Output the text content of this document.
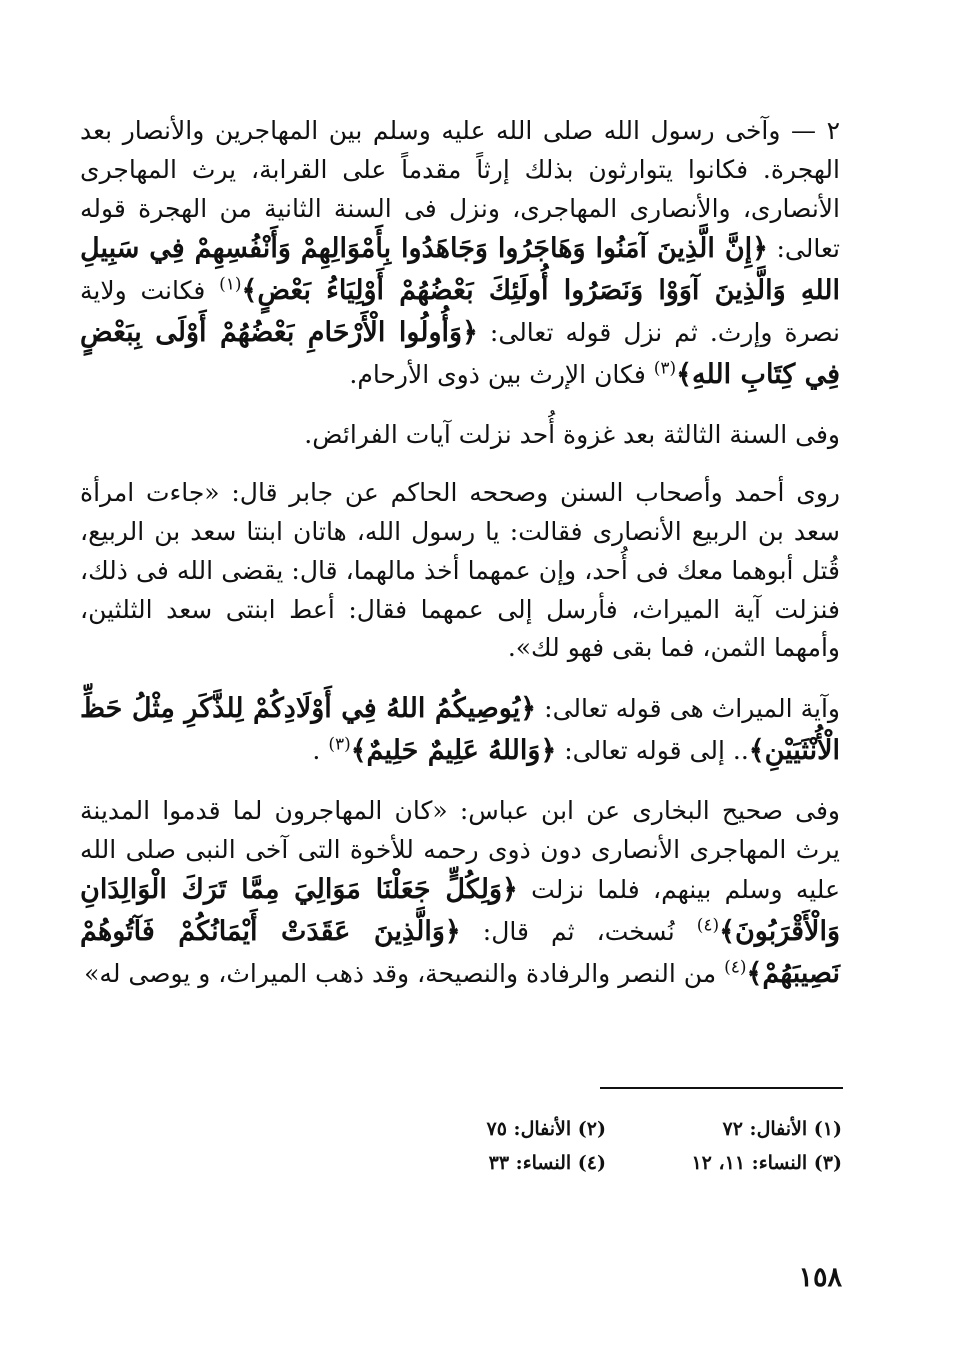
٢ — وآخى رسول الله صلى الله عليه وسلم بين المهاجرين والأنصار بعد الهجرة. فكانوا يتوارثون بذلك إرثاً مقدماً على القرابة، يرث المهاجرى الأنصارى، والأنصارى المهاجرى، ونزل فى السنة الثانية من الهجرة قوله تعالى: ﴿إِنَّ الَّذِينَ آمَنُوا وَهَاجَرُوا وَجَاهَدُوا بِأَمْوَالِهِمْ وَأَنْفُسِهِمْ فِي سَبِيلِ اللهِ وَالَّذِينَ آوَوْا وَنَصَرُوا أُولَئِكَ بَعْضُهُمْ أَوْلِيَاءُ بَعْضٍ﴾$^{(١)}$ فكانت ولاية نصرة وإرث. ثم نزل قوله تعالى: ﴿وَأُولُوا الْأَرْحَامِ بَعْضُهُمْ أَوْلَى بِبَعْضٍ فِي كِتَابِ اللهِ﴾$^{(٣)}$ فكان الإرث بين ذوى الأرحام.

وفى السنة الثالثة بعد غزوة أُحد نزلت آيات الفرائض.

روى أحمد وأصحاب السنن وصححه الحاكم عن جابر قال: «جاءت امرأة سعد بن الربيع الأنصارى فقالت: يا رسول الله، هاتان ابنتا سعد بن الربيع، قُتل أبوهما معك فى أُحد، وإن عمهما أخذ مالهما، قال: يقضى الله فى ذلك، فنزلت آية الميراث، فأرسل إلى عمهما فقال: أعط ابنتى سعد الثلثين، وأمهما الثمن، فما بقى فهو لك».

وآية الميراث هى قوله تعالى: ﴿يُوصِيكُمُ اللهُ فِي أَوْلَادِكُمْ لِلذَّكَرِ مِثْلُ حَظِّ الْأُنْثَيَيْنِ﴾.. إلى قوله تعالى: ﴿وَاللهُ عَلِيمٌ حَلِيمٌ﴾$^{(٣)}$ .

وفى صحيح البخارى عن ابن عباس: «كان المهاجرون لما قدموا المدينة يرث المهاجرى الأنصارى دون ذوى رحمه للأخوة التى آخى النبى صلى الله عليه وسلم بينهم، فلما نزلت ﴿وَلِكُلٍّ جَعَلْنَا مَوَالِيَ مِمَّا تَرَكَ الْوَالِدَانِ وَالْأَقْرَبُونَ﴾$^{(٤)}$ نُسخت، ثم قال: ﴿وَالَّذِينَ عَقَدَتْ أَيْمَانُكُمْ فَآتُوهُمْ نَصِيبَهُمْ﴾$^{(٤)}$ من النصر والرفادة والنصيحة، وقد ذهب الميراث، و يوصى له»

(١) الأنفال: ٧٢
(٢) الأنفال: ٧٥
(٣) النساء: ١١، ١٢
(٤) النساء: ٣٣
١٥٨
